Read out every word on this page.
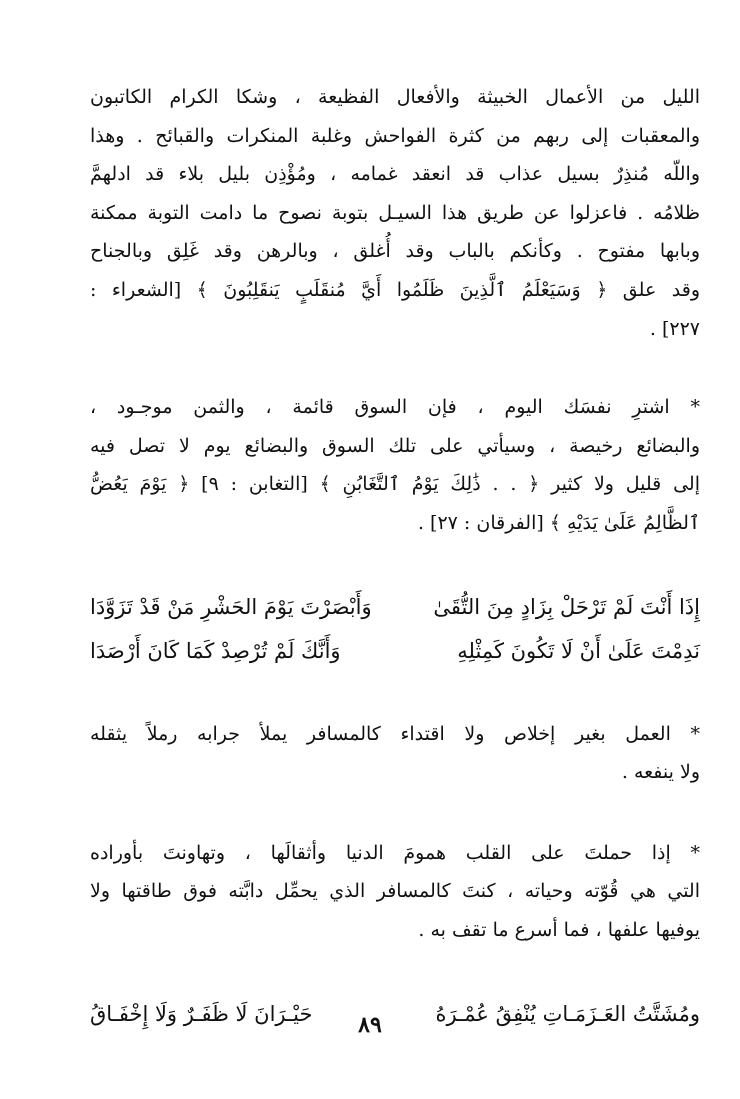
الليل من الأعمال الخبيثة والأفعال الفظيعة ، وشكا الكرام الكاتبون
والمعقبات إلى ربهم من كثرة الفواحش وغلبة المنكرات والقبائح . وهذا
واللّه مُنذِرٌ بسيل عذاب قد انعقد غمامه ، ومُؤْذِن بليل بلاء قد ادلهمَّ
ظلامُه . فاعزلوا عن طريق هذا السيـل بتوبة نصوح ما دامت التوبة ممكنة
وبابها مفتوح . وكأنكم بالباب وقد أُغلق ، وبالرهن وقد غَلِق وبالجناح
وقد علق ﴿ وَسَيَعْلَمُ ٱلَّذِينَ ظَلَمُوا أَيَّ مُنقَلَبٍ يَنقَلِبُونَ ﴾ [الشعراء :
٢٢٧] .
* اشترِ نفسَك اليوم ، فإن السوق قائمة ، والثمن موجـود ،
والبضائع رخيصة ، وسيأتي على تلك السوق والبضائع يوم لا تصل فيه
إلى قليل ولا كثير ﴿ . . ذَٰلِكَ يَوْمُ ٱلتَّغَابُنِ ﴾ [التغابن : ٩] ﴿ يَوْمَ يَعُضُّ
ٱلظَّالِمُ عَلَىٰ يَدَيْهِ ﴾ [الفرقان : ٢٧] .
إِذَا أَنْتَ لَمْ تَرْحَلْ بِزَادٍ مِنَ التُّقَىٰ
وَأَبْصَرْتَ يَوْمَ الحَشْرِ مَنْ قَدْ تَزَوَّدَا
نَدِمْتَ عَلَىٰ أَنْ لَا تَكُونَ كَمِثْلِهِ
وَأَنَّكَ لَمْ تُرْصِدْ كَمَا كَانَ أَرْصَدَا
* العمل بغير إخلاص ولا اقتداء كالمسافر يملأ جرابه رملاً يثقله
ولا ينفعه .
* إذا حملتَ على القلب همومَ الدنيا وأثقالَها ، وتهاونتَ بأوراده
التي هي قُوّته وحياته ، كنتَ كالمسافر الذي يحمِّل دابَّته فوق طاقتها ولا
يوفيها علفها ، فما أسرع ما تقف به .
ومُشَتَّتُ العَـزَمَـاتِ يُنْفِقُ عُمْـرَهُ
حَيْـرَانَ لَا ظَفَـرٌ وَلَا إِخْفَـاقُ	٨٩
